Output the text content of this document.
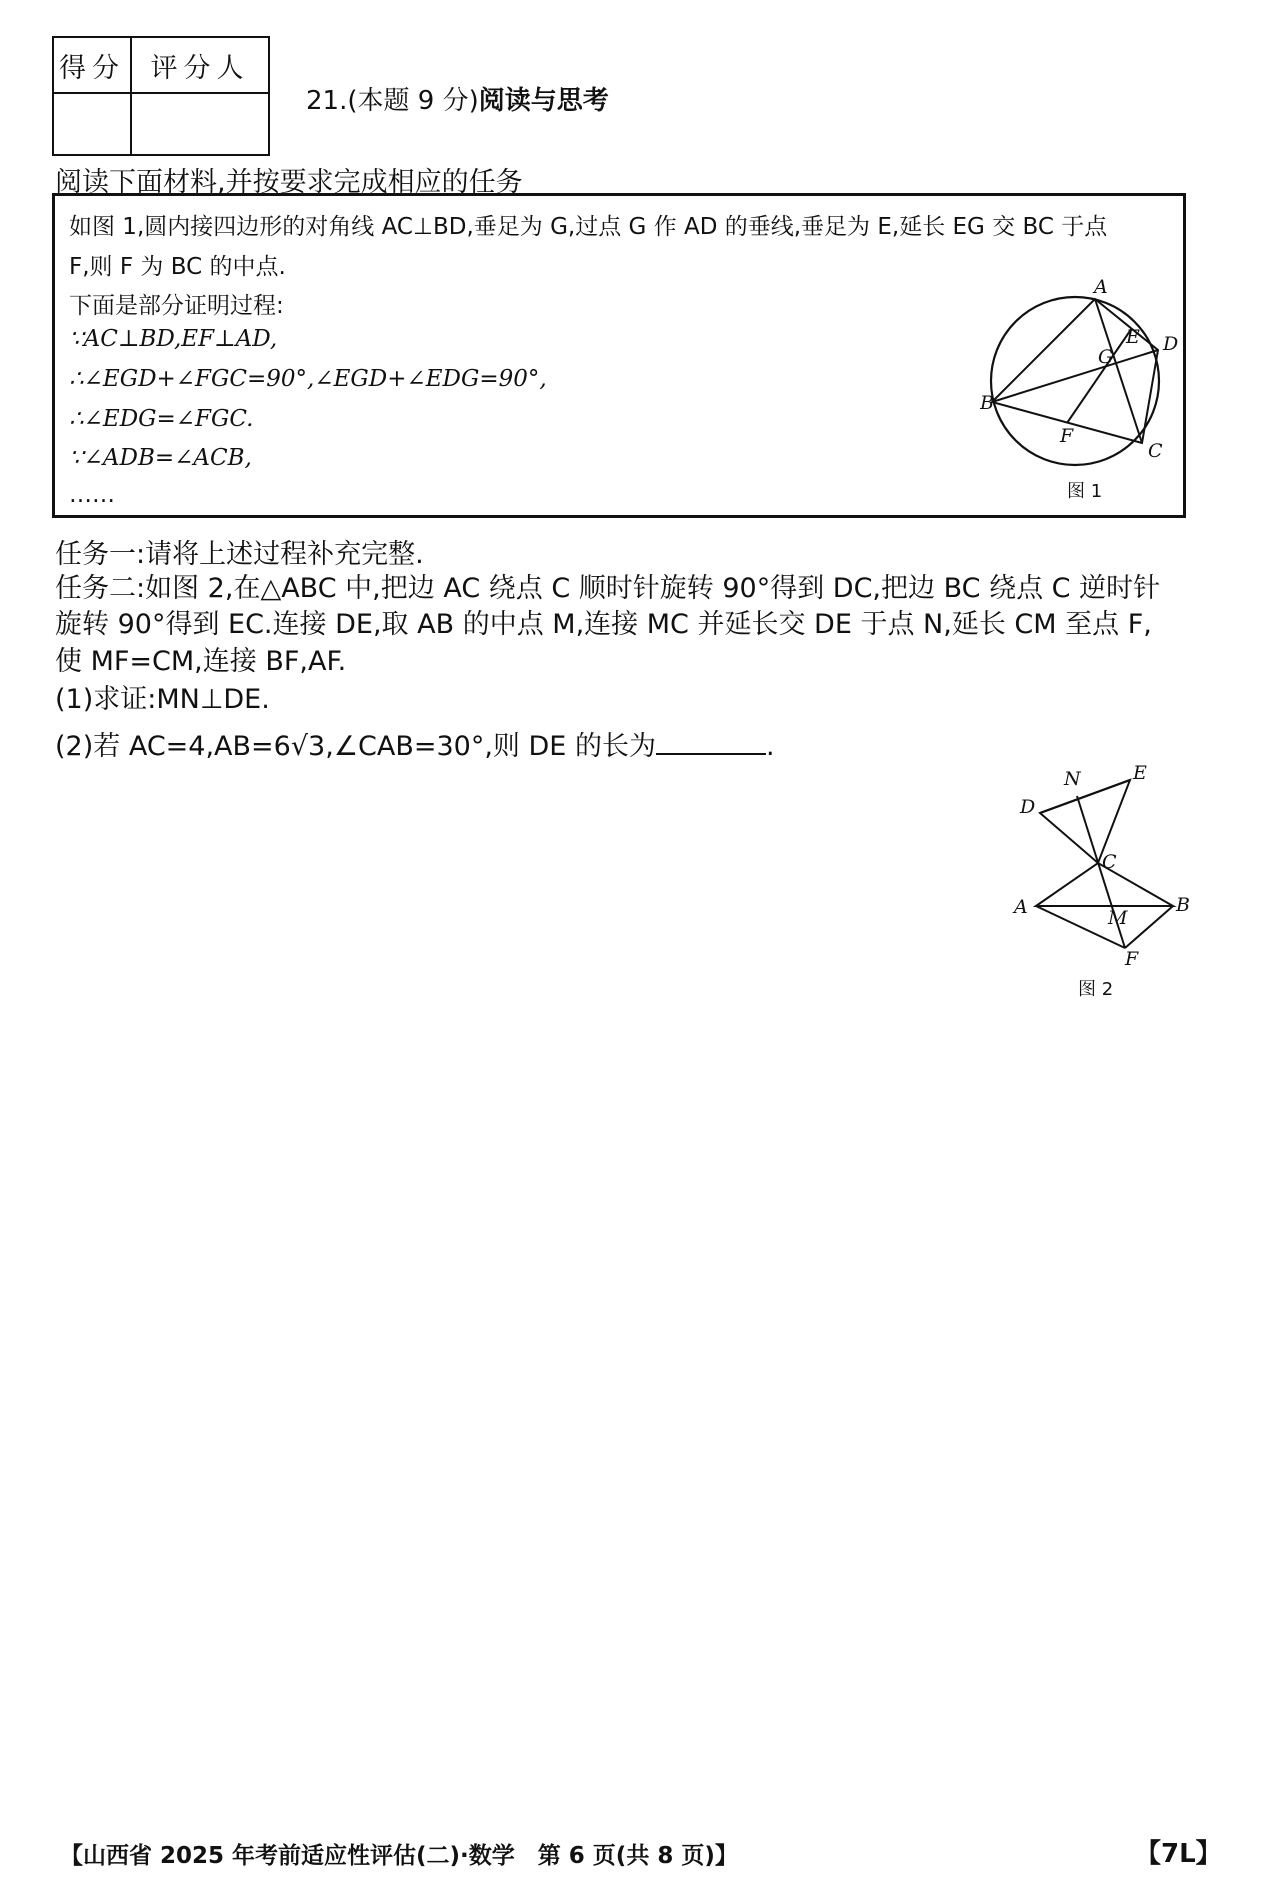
得分	评分人

21.(本题 9 分)阅读与思考
阅读下面材料,并按要求完成相应的任务
如图 1,圆内接四边形的对角线 AC⊥BD,垂足为 G,过点 G 作 AD 的垂线,垂足为 E,延长 EG 交 BC 于点
F,则 F 为 BC 的中点.
下面是部分证明过程:
∵AC⊥BD,EF⊥AD,
∴∠EGD+∠FGC=90°,∠EGD+∠EDG=90°,
∴∠EDG=∠FGC.
∵∠ADB=∠ACB,
……
A
B
C
D
E
F
G
图 1
任务一:请将上述过程补充完整.
任务二:如图 2,在△ABC 中,把边 AC 绕点 C 顺时针旋转 90°得到 DC,把边 BC 绕点 C 逆时针
旋转 90°得到 EC.连接 DE,取 AB 的中点 M,连接 MC 并延长交 DE 于点 N,延长 CM 至点 F,
使 MF=CM,连接 BF,AF.
(1)求证:MN⊥DE.
(2)若 AC=4,AB=6√3,∠CAB=30°,则 DE 的长为	.
D
N	E
C
A	B
M
F
图 2
【山西省 2025 年考前适应性评估(二)·数学　第 6 页(共 8 页)】	【7L】
